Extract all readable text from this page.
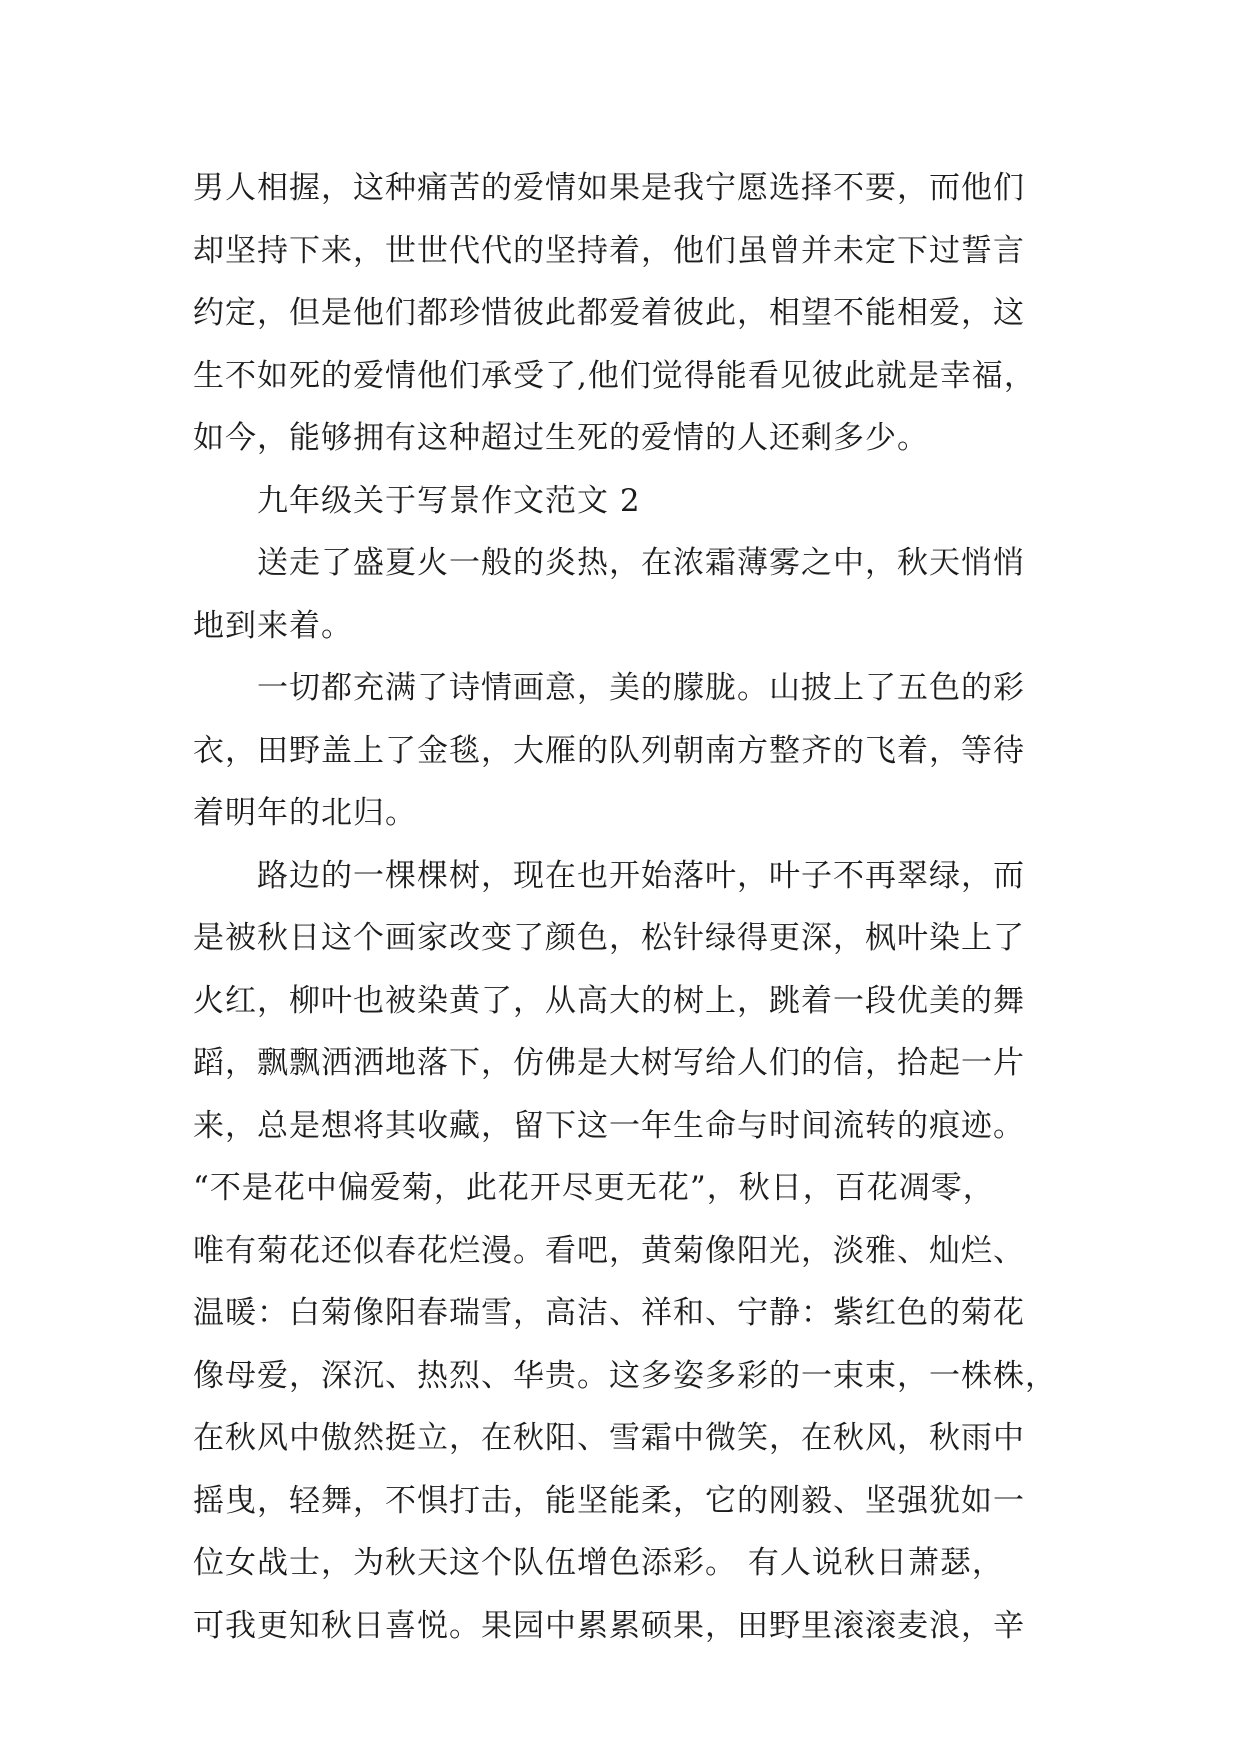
男人相握，这种痛苦的爱情如果是我宁愿选择不要，而他们
却坚持下来，世世代代的坚持着，他们虽曾并未定下过誓言
约定，但是他们都珍惜彼此都爱着彼此，相望不能相爱，这
生不如死的爱情他们承受了,他们觉得能看见彼此就是幸福，
如今，能够拥有这种超过生死的爱情的人还剩多少。
九年级关于写景作文范文 2
送走了盛夏火一般的炎热，在浓霜薄雾之中，秋天悄悄
地到来着。
一切都充满了诗情画意，美的朦胧。山披上了五色的彩
衣，田野盖上了金毯，大雁的队列朝南方整齐的飞着，等待
着明年的北归。
路边的一棵棵树，现在也开始落叶，叶子不再翠绿，而
是被秋日这个画家改变了颜色，松针绿得更深，枫叶染上了
火红，柳叶也被染黄了，从高大的树上，跳着一段优美的舞
蹈，飘飘洒洒地落下，仿佛是大树写给人们的信，拾起一片
来，总是想将其收藏，留下这一年生命与时间流转的痕迹。
“不是花中偏爱菊，此花开尽更无花”，秋日，百花凋零，
唯有菊花还似春花烂漫。看吧，黄菊像阳光，淡雅、灿烂、
温暖：白菊像阳春瑞雪，高洁、祥和、宁静：紫红色的菊花
像母爱，深沉、热烈、华贵。这多姿多彩的一束束，一株株，
在秋风中傲然挺立，在秋阳、雪霜中微笑，在秋风，秋雨中
摇曳，轻舞，不惧打击，能坚能柔，它的刚毅、坚强犹如一
位女战士，为秋天这个队伍增色添彩。 有人说秋日萧瑟，
可我更知秋日喜悦。果园中累累硕果，田野里滚滚麦浪，辛
